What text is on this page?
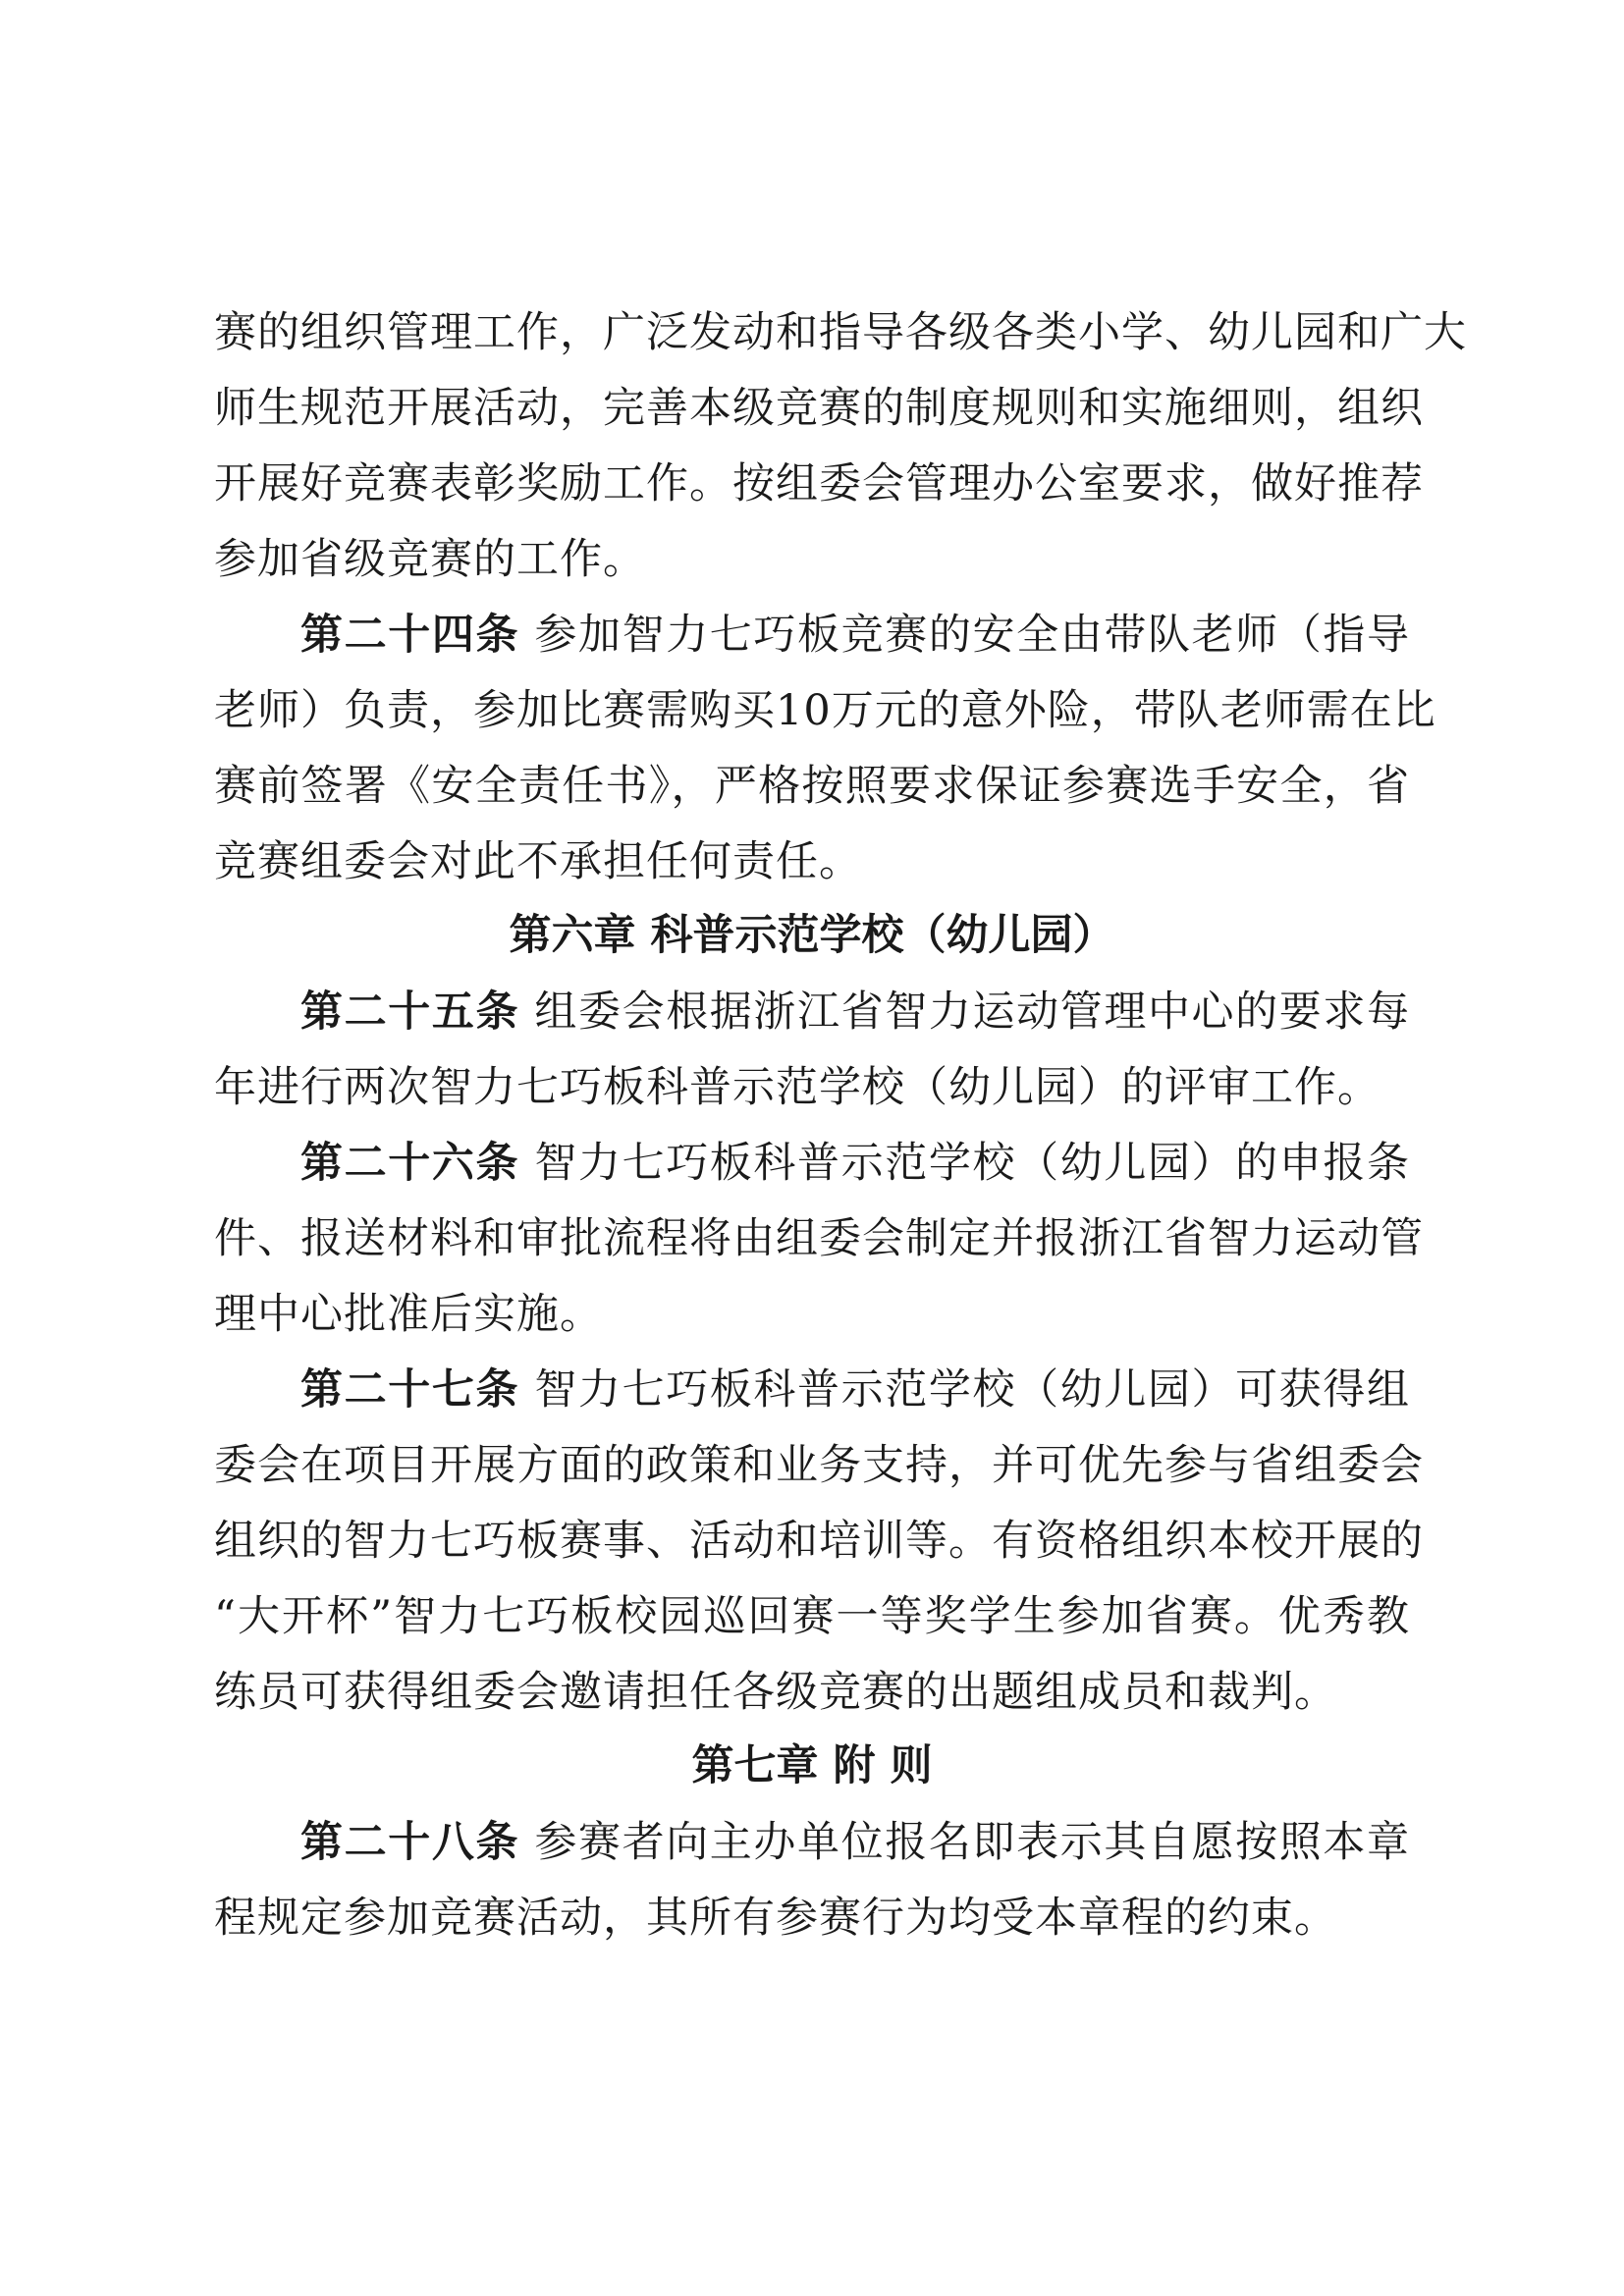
赛的组织管理工作，广泛发动和指导各级各类小学、幼儿园和广大
师生规范开展活动，完善本级竞赛的制度规则和实施细则，组织
开展好竞赛表彰奖励工作。按组委会管理办公室要求，做好推荐
参加省级竞赛的工作。
第二十四条 参加智力七巧板竞赛的安全由带队老师（指导
老师）负责，参加比赛需购买10万元的意外险，带队老师需在比
赛前签署《安全责任书》，严格按照要求保证参赛选手安全，省
竞赛组委会对此不承担任何责任。
第六章 科普示范学校（幼儿园）
第二十五条 组委会根据浙江省智力运动管理中心的要求每
年进行两次智力七巧板科普示范学校（幼儿园）的评审工作。
第二十六条 智力七巧板科普示范学校（幼儿园）的申报条
件、报送材料和审批流程将由组委会制定并报浙江省智力运动管
理中心批准后实施。
第二十七条 智力七巧板科普示范学校（幼儿园）可获得组
委会在项目开展方面的政策和业务支持，并可优先参与省组委会
组织的智力七巧板赛事、活动和培训等。有资格组织本校开展的
“大开杯”智力七巧板校园巡回赛一等奖学生参加省赛。优秀教
练员可获得组委会邀请担任各级竞赛的出题组成员和裁判。
第七章 附 则
第二十八条 参赛者向主办单位报名即表示其自愿按照本章
程规定参加竞赛活动，其所有参赛行为均受本章程的约束。
